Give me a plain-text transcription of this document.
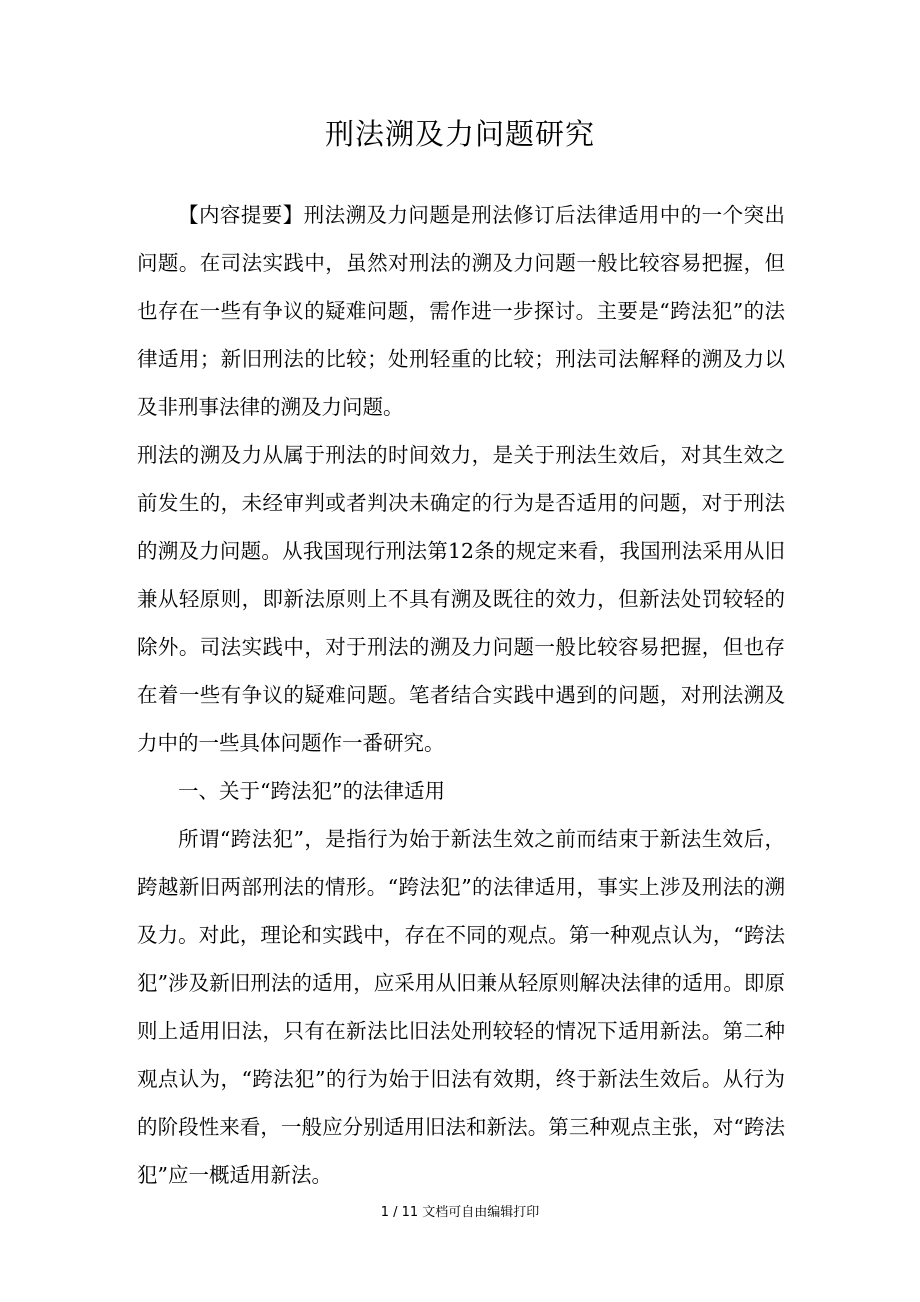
刑法溯及力问题研究

【内容提要】刑法溯及力问题是刑法修订后法律适用中的一个突出问题。在司法实践中，虽然对刑法的溯及力问题一般比较容易把握，但也存在一些有争议的疑难问题，需作进一步探讨。主要是“跨法犯”的法律适用；新旧刑法的比较；处刑轻重的比较；刑法司法解释的溯及力以及非刑事法律的溯及力问题。

刑法的溯及力从属于刑法的时间效力，是关于刑法生效后，对其生效之前发生的，未经审判或者判决未确定的行为是否适用的问题，对于刑法的溯及力问题。从我国现行刑法第12条的规定来看，我国刑法采用从旧兼从轻原则，即新法原则上不具有溯及既往的效力，但新法处罚较轻的除外。司法实践中，对于刑法的溯及力问题一般比较容易把握，但也存在着一些有争议的疑难问题。笔者结合实践中遇到的问题，对刑法溯及力中的一些具体问题作一番研究。

一、关于“跨法犯”的法律适用

所谓“跨法犯”，是指行为始于新法生效之前而结束于新法生效后，跨越新旧两部刑法的情形。“跨法犯”的法律适用，事实上涉及刑法的溯及力。对此，理论和实践中，存在不同的观点。第一种观点认为，“跨法犯”涉及新旧刑法的适用，应采用从旧兼从轻原则解决法律的适用。即原则上适用旧法，只有在新法比旧法处刑较轻的情况下适用新法。第二种观点认为，“跨法犯”的行为始于旧法有效期，终于新法生效后。从行为的阶段性来看，一般应分别适用旧法和新法。第三种观点主张，对“跨法犯”应一概适用新法。

1 / 11 文档可自由编辑打印
